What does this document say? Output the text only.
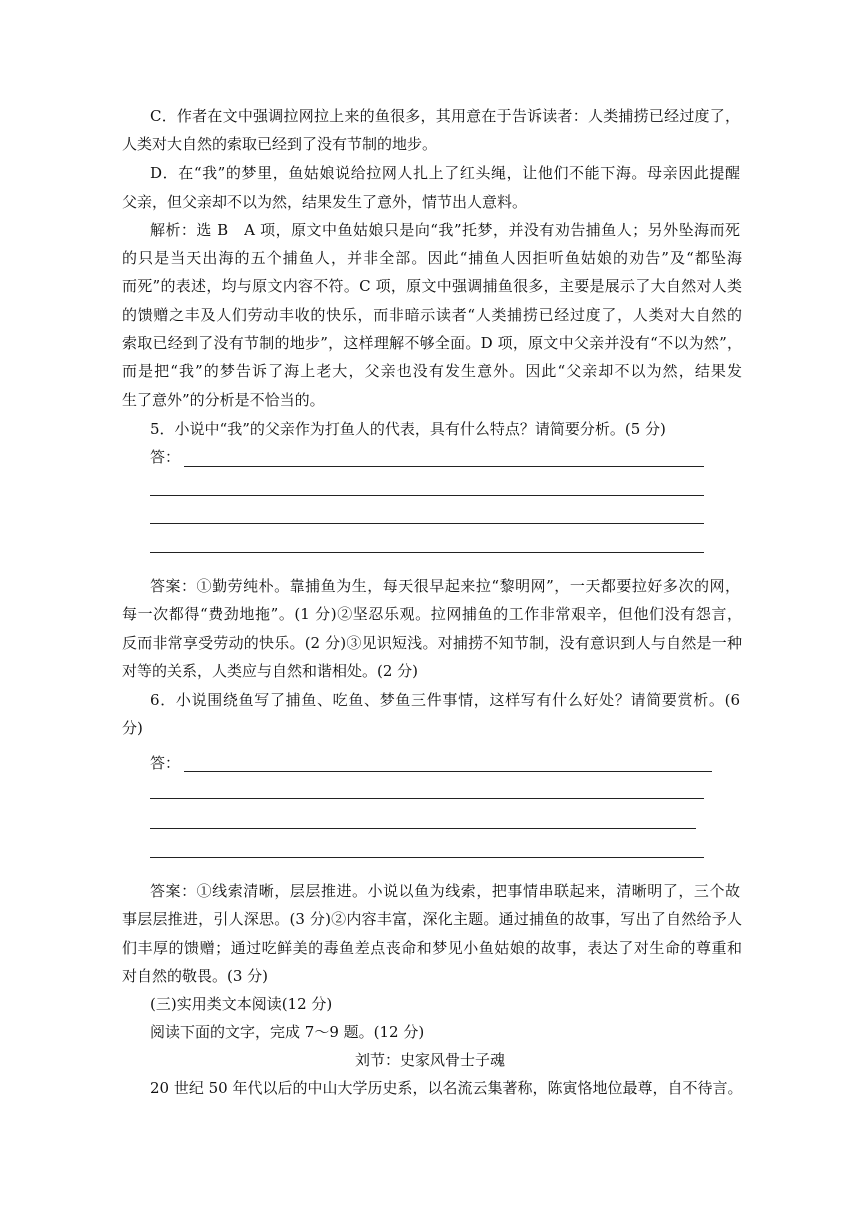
C．作者在文中强调拉网拉上来的鱼很多，其用意在于告诉读者：人类捕捞已经过度了，
人类对大自然的索取已经到了没有节制的地步。
D．在“我”的梦里，鱼姑娘说给拉网人扎上了红头绳，让他们不能下海。母亲因此提醒
父亲，但父亲却不以为然，结果发生了意外，情节出人意料。
解析：选 B　A 项，原文中鱼姑娘只是向“我”托梦，并没有劝告捕鱼人；另外坠海而死
的只是当天出海的五个捕鱼人，并非全部。因此“捕鱼人因拒听鱼姑娘的劝告”及“都坠海
而死”的表述，均与原文内容不符。C 项，原文中强调捕鱼很多，主要是展示了大自然对人类
的馈赠之丰及人们劳动丰收的快乐，而非暗示读者“人类捕捞已经过度了，人类对大自然的
索取已经到了没有节制的地步”，这样理解不够全面。D 项，原文中父亲并没有“不以为然”，
而是把“我”的梦告诉了海上老大，父亲也没有发生意外。因此“父亲却不以为然，结果发
生了意外”的分析是不恰当的。
5．小说中“我”的父亲作为打鱼人的代表，具有什么特点？请简要分析。(5 分)
答：
答案：①勤劳纯朴。靠捕鱼为生，每天很早起来拉“黎明网”，一天都要拉好多次的网，
每一次都得“费劲地拖”。(1 分)②坚忍乐观。拉网捕鱼的工作非常艰辛，但他们没有怨言，
反而非常享受劳动的快乐。(2 分)③见识短浅。对捕捞不知节制，没有意识到人与自然是一种
对等的关系，人类应与自然和谐相处。(2 分)
6．小说围绕鱼写了捕鱼、吃鱼、梦鱼三件事情，这样写有什么好处？请简要赏析。(6
分)
答：
答案：①线索清晰，层层推进。小说以鱼为线索，把事情串联起来，清晰明了，三个故
事层层推进，引人深思。(3 分)②内容丰富，深化主题。通过捕鱼的故事，写出了自然给予人
们丰厚的馈赠；通过吃鲜美的毒鱼差点丧命和梦见小鱼姑娘的故事，表达了对生命的尊重和
对自然的敬畏。(3 分)
(三)实用类文本阅读(12 分)
阅读下面的文字，完成 7～9 题。(12 分)
刘节：史家风骨士子魂
20 世纪 50 年代以后的中山大学历史系，以名流云集著称，陈寅恪地位最尊，自不待言。
